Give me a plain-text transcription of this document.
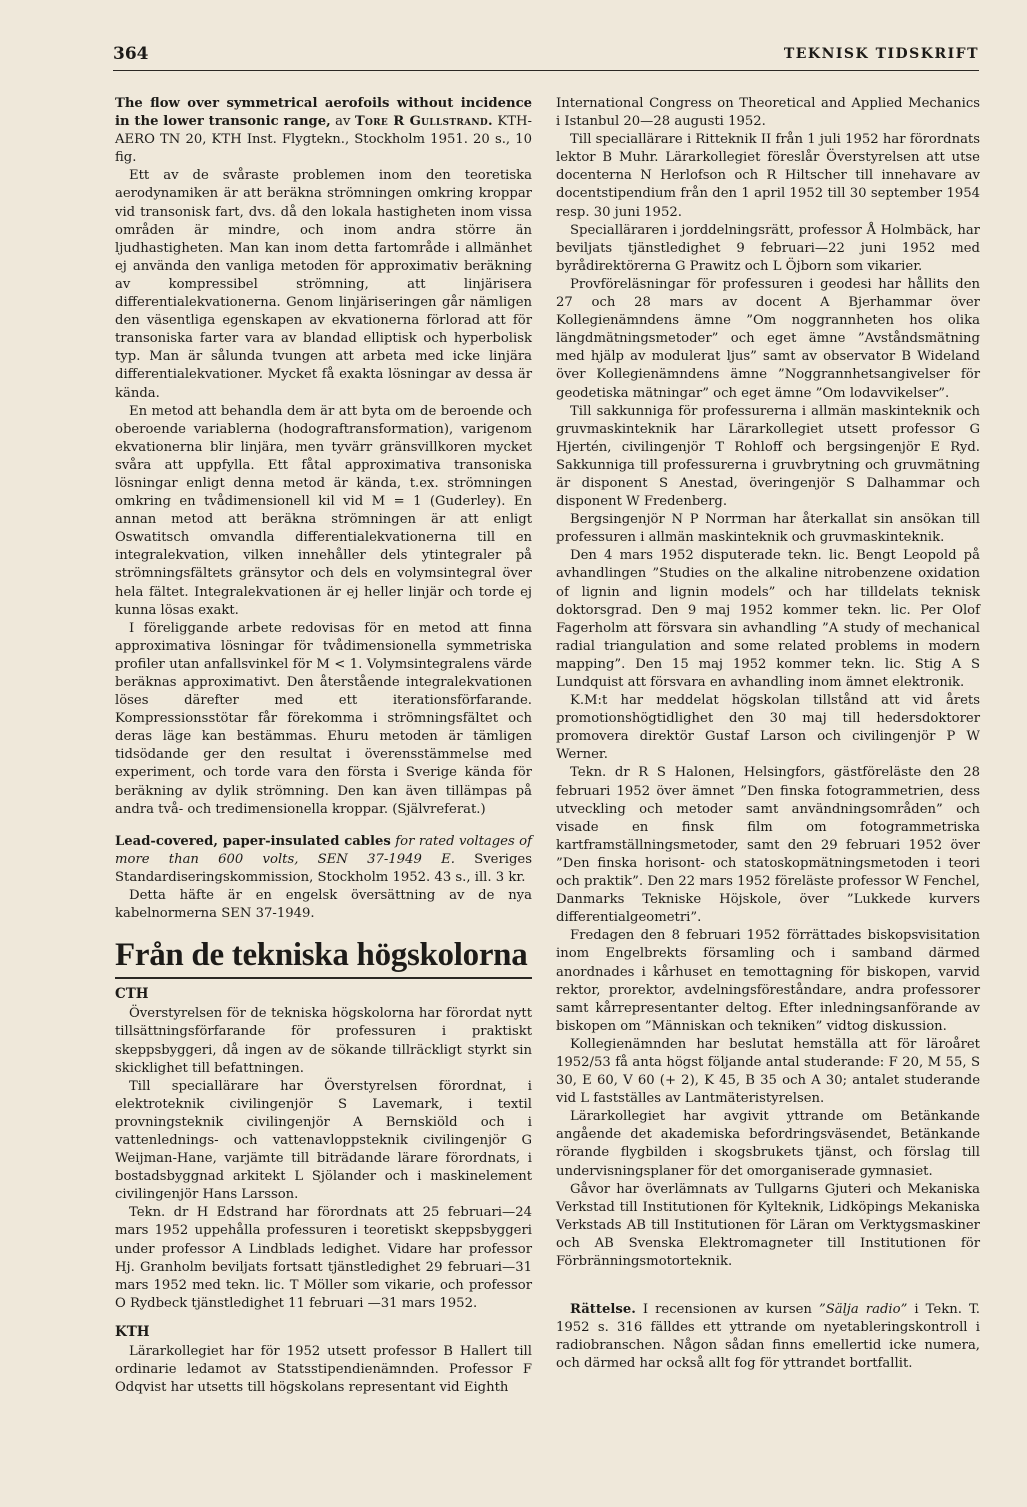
364	TEKNISK TIDSKRIFT

The flow over symmetrical aerofoils without incidence in the lower transonic range, av Tore R Gullstrand. KTH-AERO TN 20, KTH Inst. Flygtekn., Stockholm 1951. 20 s., 10 fig.

Ett av de svåraste problemen inom den teoretiska aerodynamiken är att beräkna strömningen omkring kroppar vid transonisk fart, dvs. då den lokala hastigheten inom vissa områden är mindre, och inom andra större än ljudhastigheten. Man kan inom detta fartområde i allmänhet ej använda den vanliga metoden för approximativ beräkning av kompressibel strömning, att linjärisera differentialekvationerna. Genom linjäriseringen går nämligen den väsentliga egenskapen av ekvationerna förlorad att för transoniska farter vara av blandad elliptisk och hyperbolisk typ. Man är sålunda tvungen att arbeta med icke linjära differentialekvationer. Mycket få exakta lösningar av dessa är kända.

En metod att behandla dem är att byta om de beroende och oberoende variablerna (hodograftransformation), varigenom ekvationerna blir linjära, men tyvärr gränsvillkoren mycket svåra att uppfylla. Ett fåtal approximativa transoniska lösningar enligt denna metod är kända, t.ex. strömningen omkring en tvådimensionell kil vid M = 1 (Guderley). En annan metod att beräkna strömningen är att enligt Oswatitsch omvandla differentialekvationerna till en integralekvation, vilken innehåller dels ytintegraler på strömningsfältets gränsytor och dels en volymsintegral över hela fältet. Integralekvationen är ej heller linjär och torde ej kunna lösas exakt.

I föreliggande arbete redovisas för en metod att finna approximativa lösningar för tvådimensionella symmetriska profiler utan anfallsvinkel för M < 1. Volymsintegralens värde beräknas approximativt. Den återstående integralekvationen löses därefter med ett iterationsförfarande. Kompressionsstötar får förekomma i strömningsfältet och deras läge kan bestämmas. Ehuru metoden är tämligen tidsödande ger den resultat i överensstämmelse med experiment, och torde vara den första i Sverige kända för beräkning av dylik strömning. Den kan även tillämpas på andra två- och tredimensionella kroppar. (Självreferat.)

Lead-covered, paper-insulated cables for rated voltages of more than 600 volts, SEN 37-1949 E. Sveriges Standardiseringskommission, Stockholm 1952. 43 s., ill. 3 kr.

Detta häfte är en engelsk översättning av de nya kabelnormerna SEN 37-1949.

Från de tekniska högskolorna
CTH

Överstyrelsen för de tekniska högskolorna har förordat nytt tillsättningsförfarande för professuren i praktiskt skeppsbyggeri, då ingen av de sökande tillräckligt styrkt sin skicklighet till befattningen.

Till speciallärare har Överstyrelsen förordnat, i elektroteknik civilingenjör S Lavemark, i textil provningsteknik civilingenjör A Bernskiöld och i vattenlednings- och vattenavloppsteknik civilingenjör G Weijman-Hane, varjämte till biträdande lärare förordnats, i bostadsbyggnad arkitekt L Sjölander och i maskinelement civilingenjör Hans Larsson.

Tekn. dr H Edstrand har förordnats att 25 februari—24 mars 1952 uppehålla professuren i teoretiskt skeppsbyggeri under professor A Lindblads ledighet. Vidare har professor Hj. Granholm beviljats fortsatt tjänstledighet 29 februari—31 mars 1952 med tekn. lic. T Möller som vikarie, och professor O Rydbeck tjänstledighet 11 februari —31 mars 1952.

KTH

Lärarkollegiet har för 1952 utsett professor B Hallert till ordinarie ledamot av Statsstipendienämnden. Professor F Odqvist har utsetts till högskolans representant vid Eighth

International Congress on Theoretical and Applied Mechanics i Istanbul 20—28 augusti 1952.

Till speciallärare i Ritteknik II från 1 juli 1952 har förordnats lektor B Muhr. Lärarkollegiet föreslår Överstyrelsen att utse docenterna N Herlofson och R Hiltscher till innehavare av docentstipendium från den 1 april 1952 till 30 september 1954 resp. 30 juni 1952.

Specialläraren i jorddelningsrätt, professor Å Holmbäck, har beviljats tjänstledighet 9 februari—22 juni 1952 med byrådirektörerna G Prawitz och L Öjborn som vikarier.

Provföreläsningar för professuren i geodesi har hållits den 27 och 28 mars av docent A Bjerhammar över Kollegienämndens ämne ”Om noggrannheten hos olika längdmätningsmetoder” och eget ämne ”Avståndsmätning med hjälp av modulerat ljus” samt av observator B Wideland över Kollegienämndens ämne ”Noggrannhetsangivelser för geodetiska mätningar” och eget ämne ”Om lodavvikelser”.

Till sakkunniga för professurerna i allmän maskinteknik och gruvmaskinteknik har Lärarkollegiet utsett professor G Hjertén, civilingenjör T Rohloff och bergsingenjör E Ryd. Sakkunniga till professurerna i gruvbrytning och gruvmätning är disponent S Anestad, överingenjör S Dalhammar och disponent W Fredenberg.

Bergsingenjör N P Norrman har återkallat sin ansökan till professuren i allmän maskinteknik och gruvmaskinteknik.

Den 4 mars 1952 disputerade tekn. lic. Bengt Leopold på avhandlingen ”Studies on the alkaline nitrobenzene oxidation of lignin and lignin models” och har tilldelats teknisk doktorsgrad. Den 9 maj 1952 kommer tekn. lic. Per Olof Fagerholm att försvara sin avhandling ”A study of mechanical radial triangulation and some related problems in modern mapping”. Den 15 maj 1952 kommer tekn. lic. Stig A S Lundquist att försvara en avhandling inom ämnet elektronik.

K.M:t har meddelat högskolan tillstånd att vid årets promotionshögtidlighet den 30 maj till hedersdoktorer promovera direktör Gustaf Larson och civilingenjör P W Werner.

Tekn. dr R S Halonen, Helsingfors, gästföreläste den 28 februari 1952 över ämnet ”Den finska fotogrammetrien, dess utveckling och metoder samt användningsområden” och visade en finsk film om fotogrammetriska kartframställningsmetoder, samt den 29 februari 1952 över ”Den finska horisont- och statoskopmätningsmetoden i teori och praktik”. Den 22 mars 1952 föreläste professor W Fenchel, Danmarks Tekniske Höjskole, över ”Lukkede kurvers differentialgeometri”.

Fredagen den 8 februari 1952 förrättades biskopsvisitation inom Engelbrekts församling och i samband därmed anordnades i kårhuset en temottagning för biskopen, varvid rektor, prorektor, avdelningsföreståndare, andra professorer samt kårrepresentanter deltog. Efter inledningsanförande av biskopen om ”Människan och tekniken” vidtog diskussion.

Kollegienämnden har beslutat hemställa att för läroåret 1952/53 få anta högst följande antal studerande: F 20, M 55, S 30, E 60, V 60 (+ 2), K 45, B 35 och A 30; antalet studerande vid L fastställes av Lantmäteristyrelsen.

Lärarkollegiet har avgivit yttrande om Betänkande angående det akademiska befordringsväsendet, Betänkande rörande flygbilden i skogsbrukets tjänst, och förslag till undervisningsplaner för det omorganiserade gymnasiet.

Gåvor har överlämnats av Tullgarns Gjuteri och Mekaniska Verkstad till Institutionen för Kylteknik, Lidköpings Mekaniska Verkstads AB till Institutionen för Läran om Verktygsmaskiner och AB Svenska Elektromagneter till Institutionen för Förbränningsmotorteknik.

Rättelse. I recensionen av kursen ”Sälja radio” i Tekn. T. 1952 s. 316 fälldes ett yttrande om nyetableringskontroll i radiobranschen. Någon sådan finns emellertid icke numera, och därmed har också allt fog för yttrandet bortfallit.
